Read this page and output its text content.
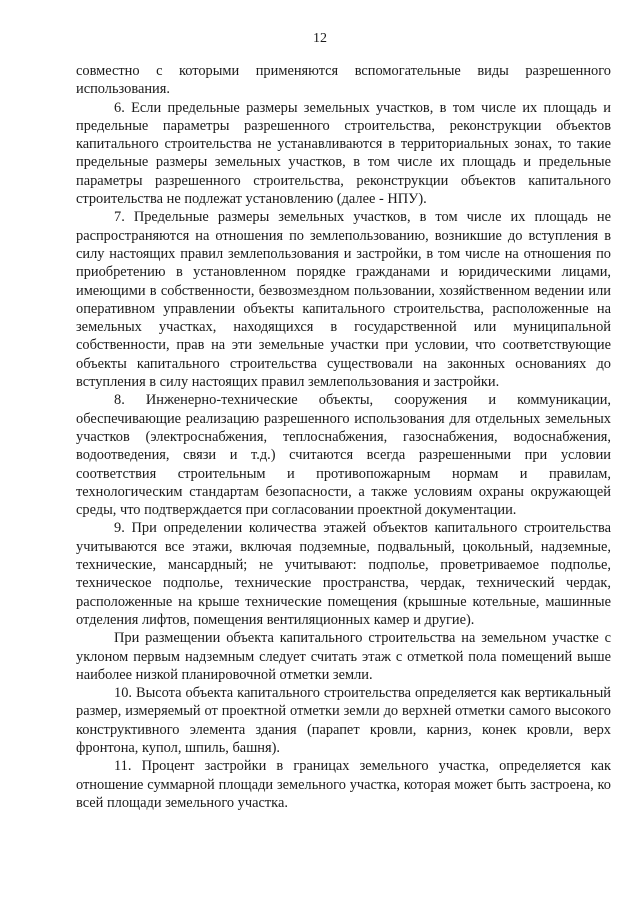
12

совместно с которыми применяются вспомогательные виды разрешенного использования.

6. Если предельные размеры земельных участков, в том числе их площадь и предельные параметры разрешенного строительства, реконструкции объектов капитального строительства не устанавливаются в территориальных зонах, то такие предельные размеры земельных участков, в том числе их площадь и предельные параметры разрешенного строительства, реконструкции объектов капитального строительства не подлежат установлению (далее - НПУ).

7. Предельные размеры земельных участков, в том числе их площадь не распространяются на отношения по землепользованию, возникшие до вступления в силу настоящих правил землепользования и застройки, в том числе на отношения по приобретению в установленном порядке гражданами и юридическими лицами, имеющими в собственности, безвозмездном пользовании, хозяйственном ведении или оперативном управлении объекты капитального строительства, расположенные на земельных участках, находящихся в государственной или муниципальной собственности, прав на эти земельные участки при условии, что соответствующие объекты капитального строительства существовали на законных основаниях до вступления в силу настоящих правил землепользования и застройки.

8. Инженерно-технические объекты, сооружения и коммуникации, обеспечивающие реализацию разрешенного использования для отдельных земельных участков (электроснабжения, теплоснабжения, газоснабжения, водоснабжения, водоотведения, связи и т.д.) считаются всегда разрешенными при условии соответствия строительным и противопожарным нормам и правилам, технологическим стандартам безопасности, а также условиям охраны окружающей среды, что подтверждается при согласовании проектной документации.

9. При определении количества этажей объектов капитального строительства учитываются все этажи, включая подземные, подвальный, цокольный, надземные, технические, мансардный; не учитывают: подполье, проветриваемое подполье, техническое подполье, технические пространства, чердак, технический чердак, расположенные на крыше технические помещения (крышные котельные, машинные отделения лифтов, помещения вентиляционных камер и другие).

При размещении объекта капитального строительства на земельном участке с уклоном первым надземным следует считать этаж с отметкой пола помещений выше наиболее низкой планировочной отметки земли.

10. Высота объекта капитального строительства определяется как вертикальный размер, измеряемый от проектной отметки земли до верхней отметки самого высокого конструктивного элемента здания (парапет кровли, карниз, конек кровли, верх фронтона, купол, шпиль, башня).

11. Процент застройки в границах земельного участка, определяется как отношение суммарной площади земельного участка, которая может быть застроена, ко всей площади земельного участка.
